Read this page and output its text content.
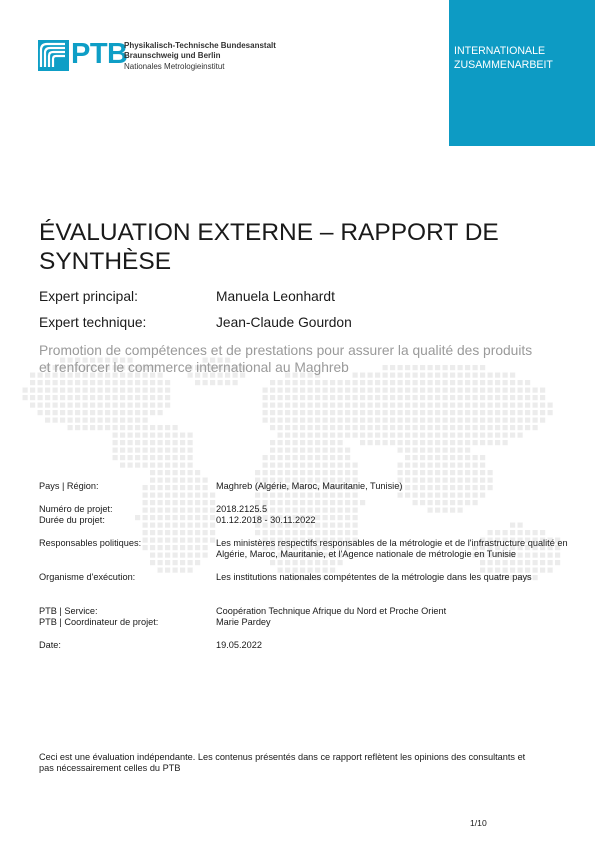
PTB
Physikalisch-Technische Bundesanstalt
Braunschweig und Berlin
Nationales Metrologieinstitut
INTERNATIONALE
ZUSAMMENARBEIT
ÉVALUATION EXTERNE – RAPPORT DE
SYNTHÈSE
Expert principal:	Manuela Leonhardt
Expert technique:	Jean-Claude Gourdon
Promotion de compétences et de prestations pour assurer la qualité des produits
et renforcer le commerce international au Maghreb
Pays | Région:	Maghreb (Algérie, Maroc, Mauritanie, Tunisie)
Numéro de projet:	2018.2125.5
Durée du projet:	01.12.2018 - 30.11.2022
Responsables politiques:	Les ministères respectifs responsables de la métrologie et de l'infrastructure qualité en Algérie, Maroc, Mauritanie, et l'Agence nationale de métrologie en Tunisie
Organisme d'exécution:	Les institutions nationales compétentes de la métrologie dans les quatre pays
PTB | Service:	Coopération Technique Afrique du Nord et Proche Orient
PTB | Coordinateur de projet:	Marie Pardey
Date:	19.05.2022
Ceci est une évaluation indépendante. Les contenus présentés dans ce rapport reflètent les opinions des consultants et pas nécessairement celles du PTB
1/10
